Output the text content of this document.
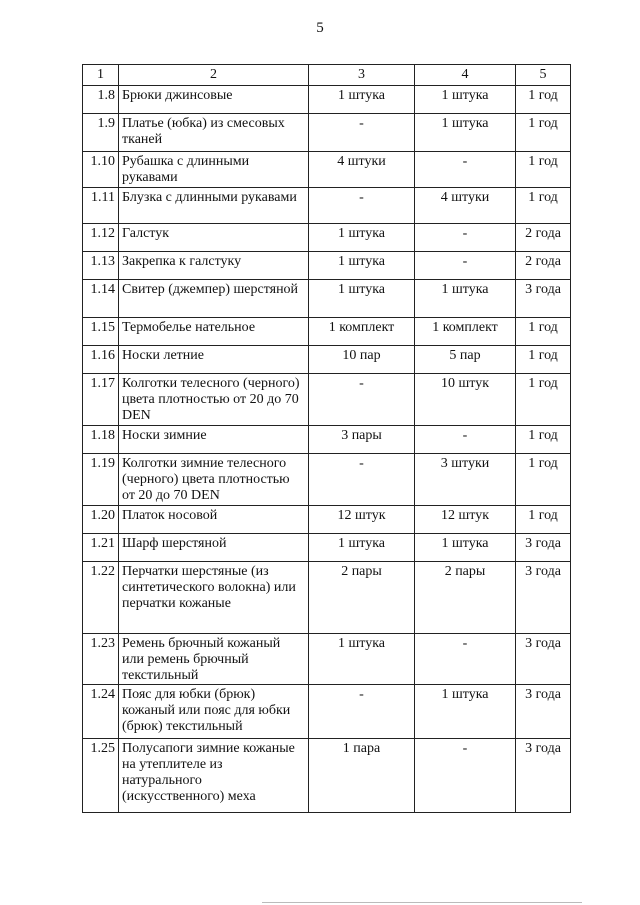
5
1	2	3	4	5
1.8	Брюки джинсовые	1 штука	1 штука	1 год
1.9	Платье (юбка) из смесовых тканей	-	1 штука	1 год
1.10	Рубашка с длинными рукавами	4 штуки	-	1 год
1.11	Блузка с длинными рукавами	-	4 штуки	1 год
1.12	Галстук	1 штука	-	2 года
1.13	Закрепка к галстуку	1 штука	-	2 года
1.14	Свитер (джемпер) шерстяной	1 штука	1 штука	3 года
1.15	Термобелье нательное	1 комплект	1 комплект	1 год
1.16	Носки летние	10 пар	5 пар	1 год
1.17	Колготки телесного (черного) цвета плотностью от 20 до 70 DEN	-	10 штук	1 год
1.18	Носки зимние	3 пары	-	1 год
1.19	Колготки зимние телесного (черного) цвета плотностью от 20 до 70 DEN	-	3 штуки	1 год
1.20	Платок носовой	12 штук	12 штук	1 год
1.21	Шарф шерстяной	1 штука	1 штука	3 года
1.22	Перчатки шерстяные (из синтетического волокна) или перчатки кожаные	2 пары	2 пары	3 года
1.23	Ремень брючный кожаный или ремень брючный текстильный	1 штука	-	3 года
1.24	Пояс для юбки (брюк) кожаный или пояс для юбки (брюк) текстильный	-	1 штука	3 года
1.25	Полусапоги зимние кожаные на утеплителе из натурального (искусственного) меха	1 пара	-	3 года
